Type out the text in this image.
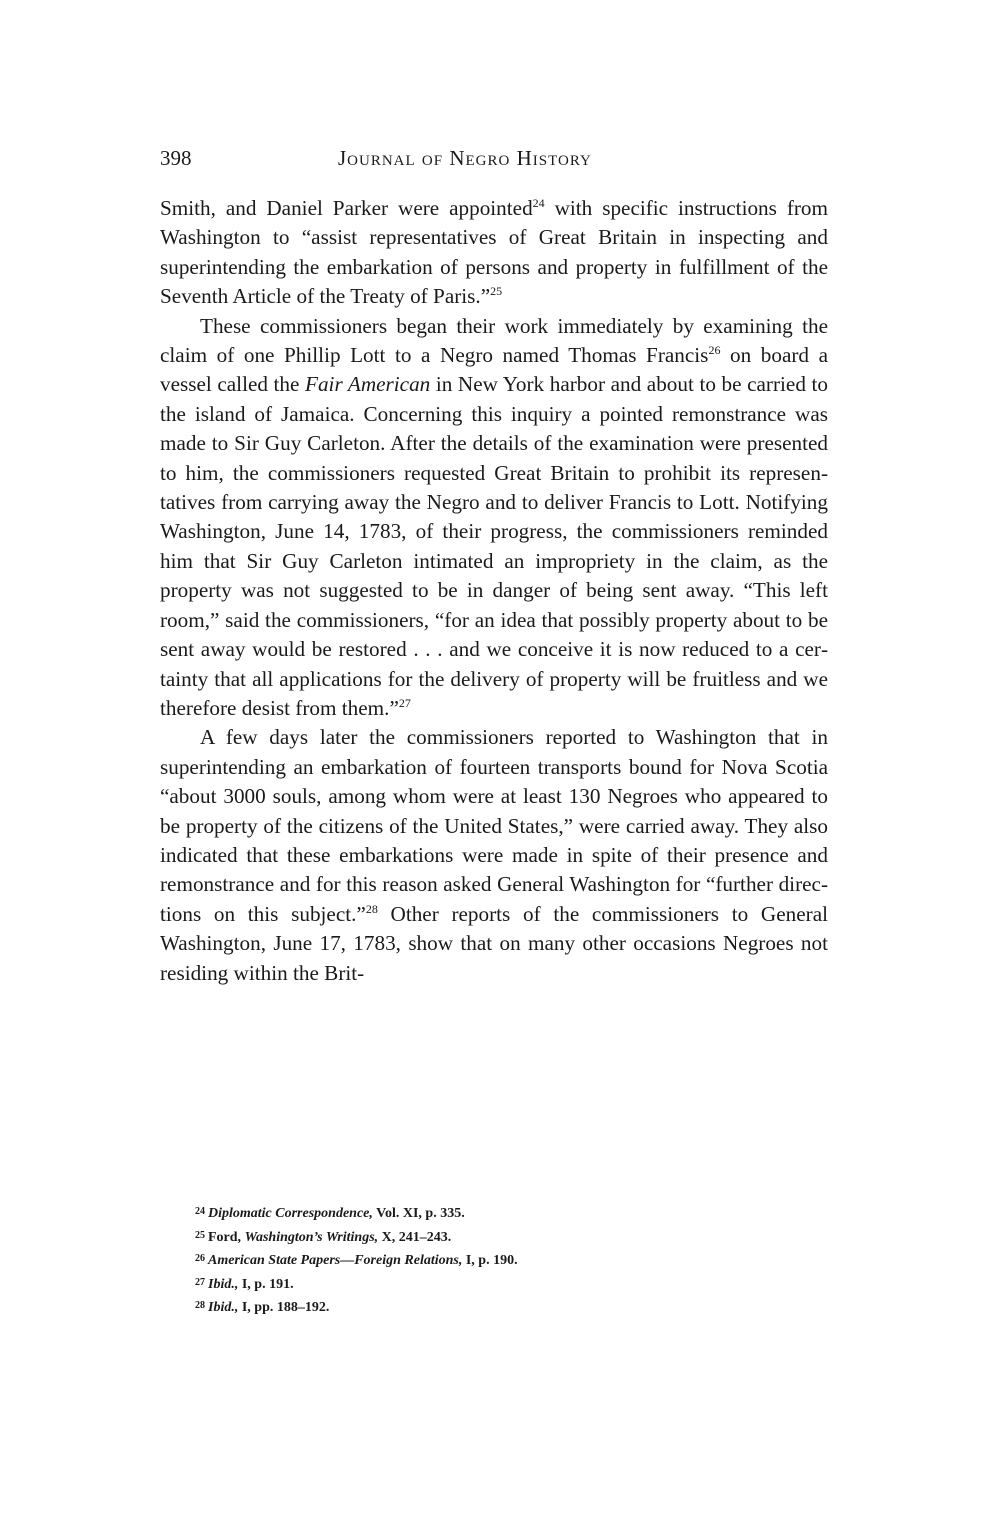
398	Journal of Negro History

Smith, and Daniel Parker were appointed$^{24}$ with specific instructions from Washington to “assist representatives of Great Britain in inspecting and superintending the embarkation of persons and property in fulfillment of the Seventh Article of the Treaty of Paris.”$^{25}$

These commissioners began their work immediately by examining the claim of one Phillip Lott to a Negro named Thomas Francis$^{26}$ on board a vessel called the Fair American in New York harbor and about to be carried to the island of Jamaica. Concerning this inquiry a pointed remonstrance was made to Sir Guy Carleton. After the details of the examination were presented to him, the commissioners requested Great Britain to prohibit its representatives from carrying away the Negro and to deliver Francis to Lott. Notifying Washington, June 14, 1783, of their progress, the commissioners reminded him that Sir Guy Carleton intimated an impropriety in the claim, as the property was not suggested to be in danger of being sent away. “This left room,” said the commissioners, “for an idea that possibly property about to be sent away would be restored . . . and we conceive it is now reduced to a certainty that all applications for the delivery of property will be fruitless and we therefore desist from them.”$^{27}$

A few days later the commissioners reported to Washington that in superintending an embarkation of fourteen transports bound for Nova Scotia “about 3000 souls, among whom were at least 130 Negroes who appeared to be property of the citizens of the United States,” were carried away. They also indicated that these embarkations were made in spite of their presence and remonstrance and for this reason asked General Washington for “further directions on this subject.”$^{28}$ Other reports of the commissioners to General Washington, June 17, 1783, show that on many other occasions Negroes not residing within the Brit-

$^{24}$ Diplomatic Correspondence, Vol. XI, p. 335.

$^{25}$ Ford, Washington’s Writings, X, 241–243.

$^{26}$ American State Papers—Foreign Relations, I, p. 190.

$^{27}$ Ibid., I, p. 191.

$^{28}$ Ibid., I, pp. 188–192.
